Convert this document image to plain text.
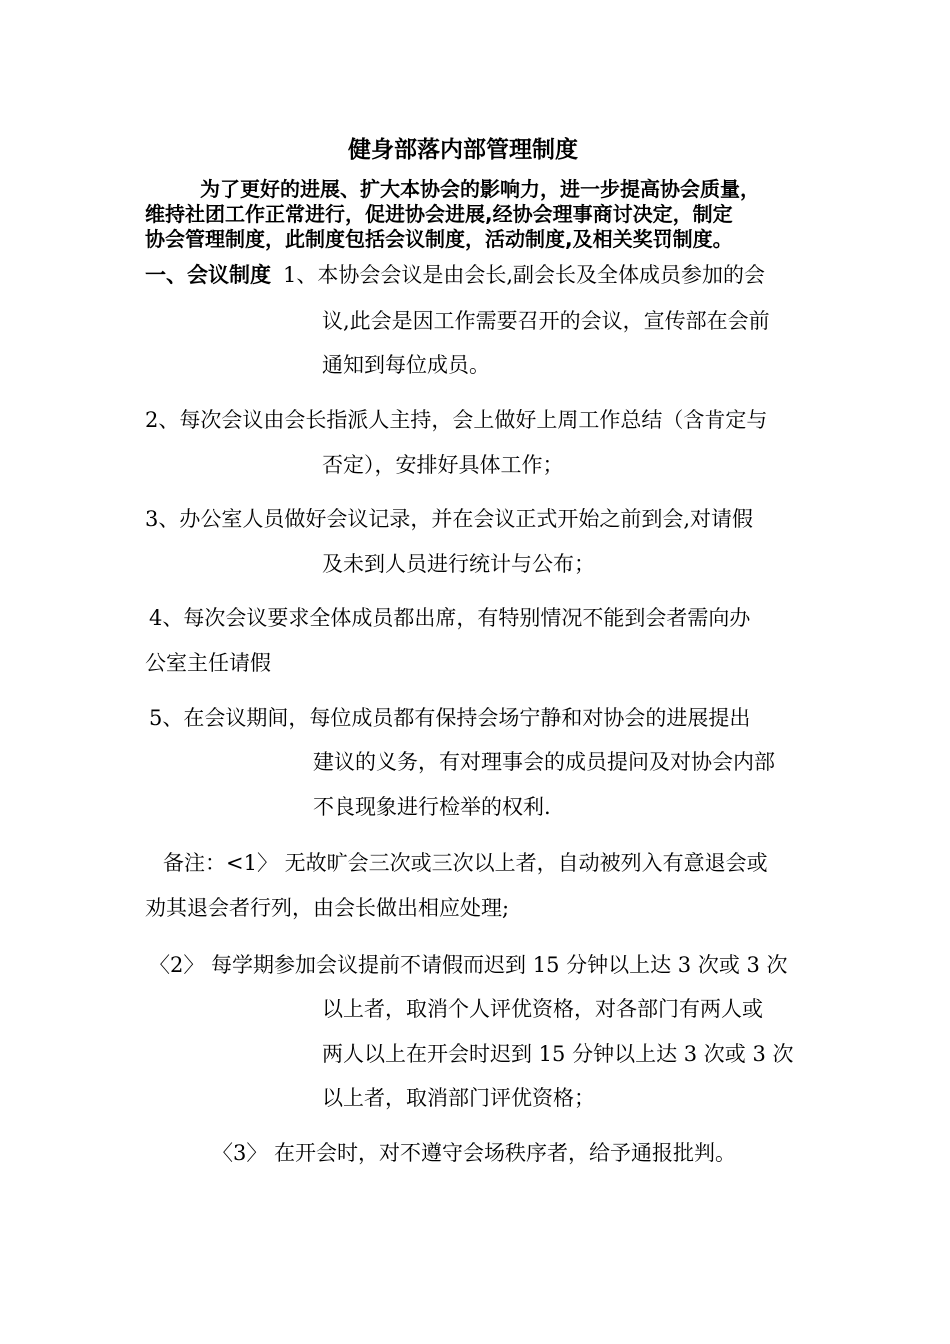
健身部落内部管理制度
为了更好的进展、扩大本协会的影响力，进一步提高协会质量，
维持社团工作正常进行，促进协会进展,经协会理事商讨决定，制定
协会管理制度，此制度包括会议制度，活动制度,及相关奖罚制度。
一、会议制度 1、本协会会议是由会长,副会长及全体成员参加的会
议,此会是因工作需要召开的会议，宣传部在会前
通知到每位成员。
2、每次会议由会长指派人主持，会上做好上周工作总结（含肯定与
否定），安排好具体工作；
3、办公室人员做好会议记录，并在会议正式开始之前到会,对请假
及未到人员进行统计与公布；
4、每次会议要求全体成员都出席，有特别情况不能到会者需向办
公室主任请假
5、在会议期间，每位成员都有保持会场宁静和对协会的进展提出
建议的义务，有对理事会的成员提问及对协会内部
不良现象进行检举的权利.
备注：<1〉 无故旷会三次或三次以上者，自动被列入有意退会或
劝其退会者行列，由会长做出相应处理;
〈2〉 每学期参加会议提前不请假而迟到 15 分钟以上达 3 次或 3 次
以上者，取消个人评优资格，对各部门有两人或
两人以上在开会时迟到 15 分钟以上达 3 次或 3 次
以上者，取消部门评优资格；
〈3〉 在开会时，对不遵守会场秩序者，给予通报批判。
